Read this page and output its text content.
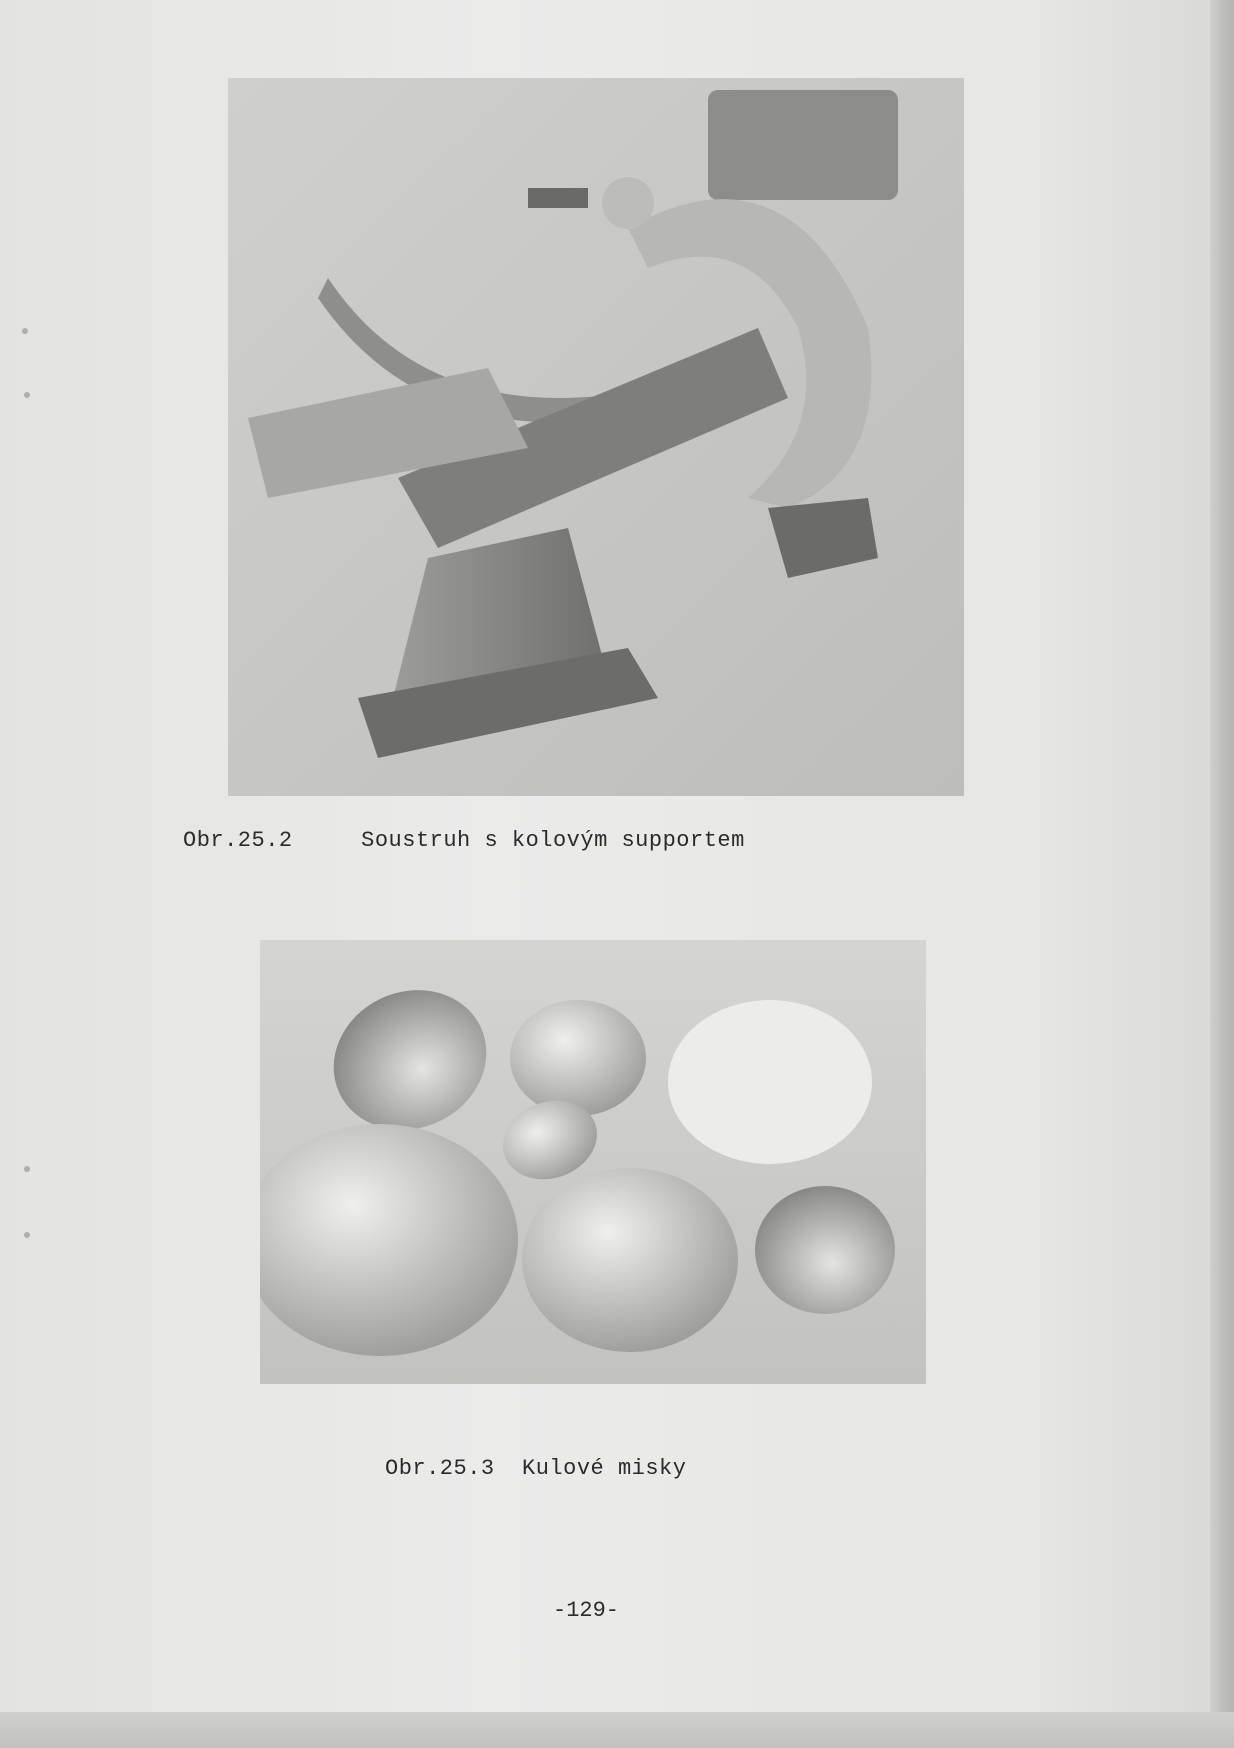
Obr.25.2	Soustruh s kolovým supportem
Obr.25.3 Kulové misky
-129-
